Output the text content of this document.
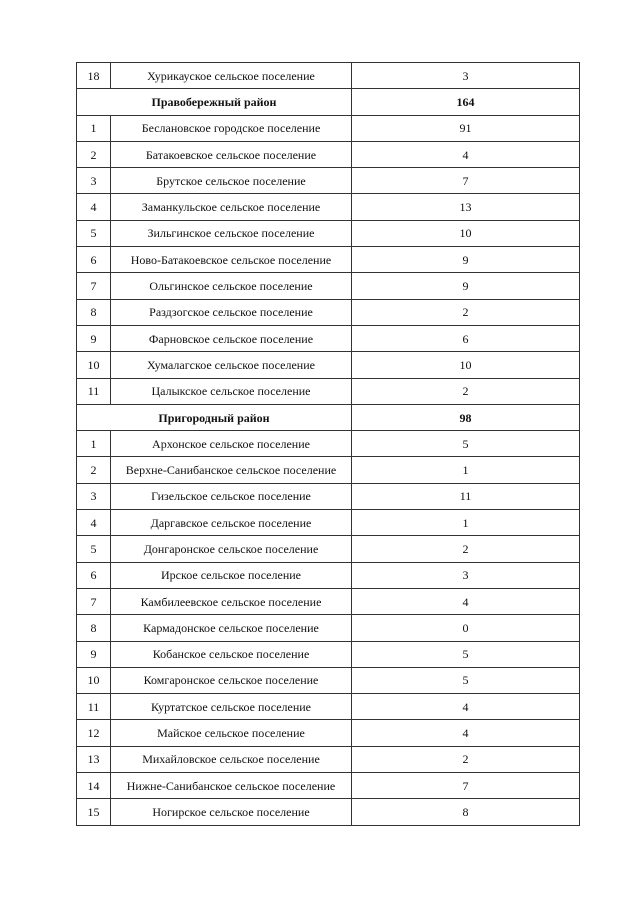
18	Хурикауское сельское поселение	3
Правобережный район		164
1	Беслановское городское поселение	91
2	Батакоевское сельское поселение	4
3	Брутское сельское поселение	7
4	Заманкульское сельское поселение	13
5	Зильгинское сельское поселение	10
6	Ново-Батакоевское сельское поселение	9
7	Ольгинское сельское поселение	9
8	Раздзогское сельское поселение	2
9	Фарновское сельское поселение	6
10	Хумалагское сельское поселение	10
11	Цалыкское сельское поселение	2
Пригородный район		98
1	Архонское сельское поселение	5
2	Верхне-Санибанское сельское поселение	1
3	Гизельское сельское поселение	11
4	Даргавское сельское поселение	1
5	Донгаронское сельское поселение	2
6	Ирское сельское поселение	3
7	Камбилеевское сельское поселение	4
8	Кармадонское сельское поселение	0
9	Кобанское сельское поселение	5
10	Комгаронское сельское поселение	5
11	Куртатское сельское поселение	4
12	Майское сельское поселение	4
13	Михайловское сельское поселение	2
14	Нижне-Санибанское сельское поселение	7
15	Ногирское сельское поселение	8
